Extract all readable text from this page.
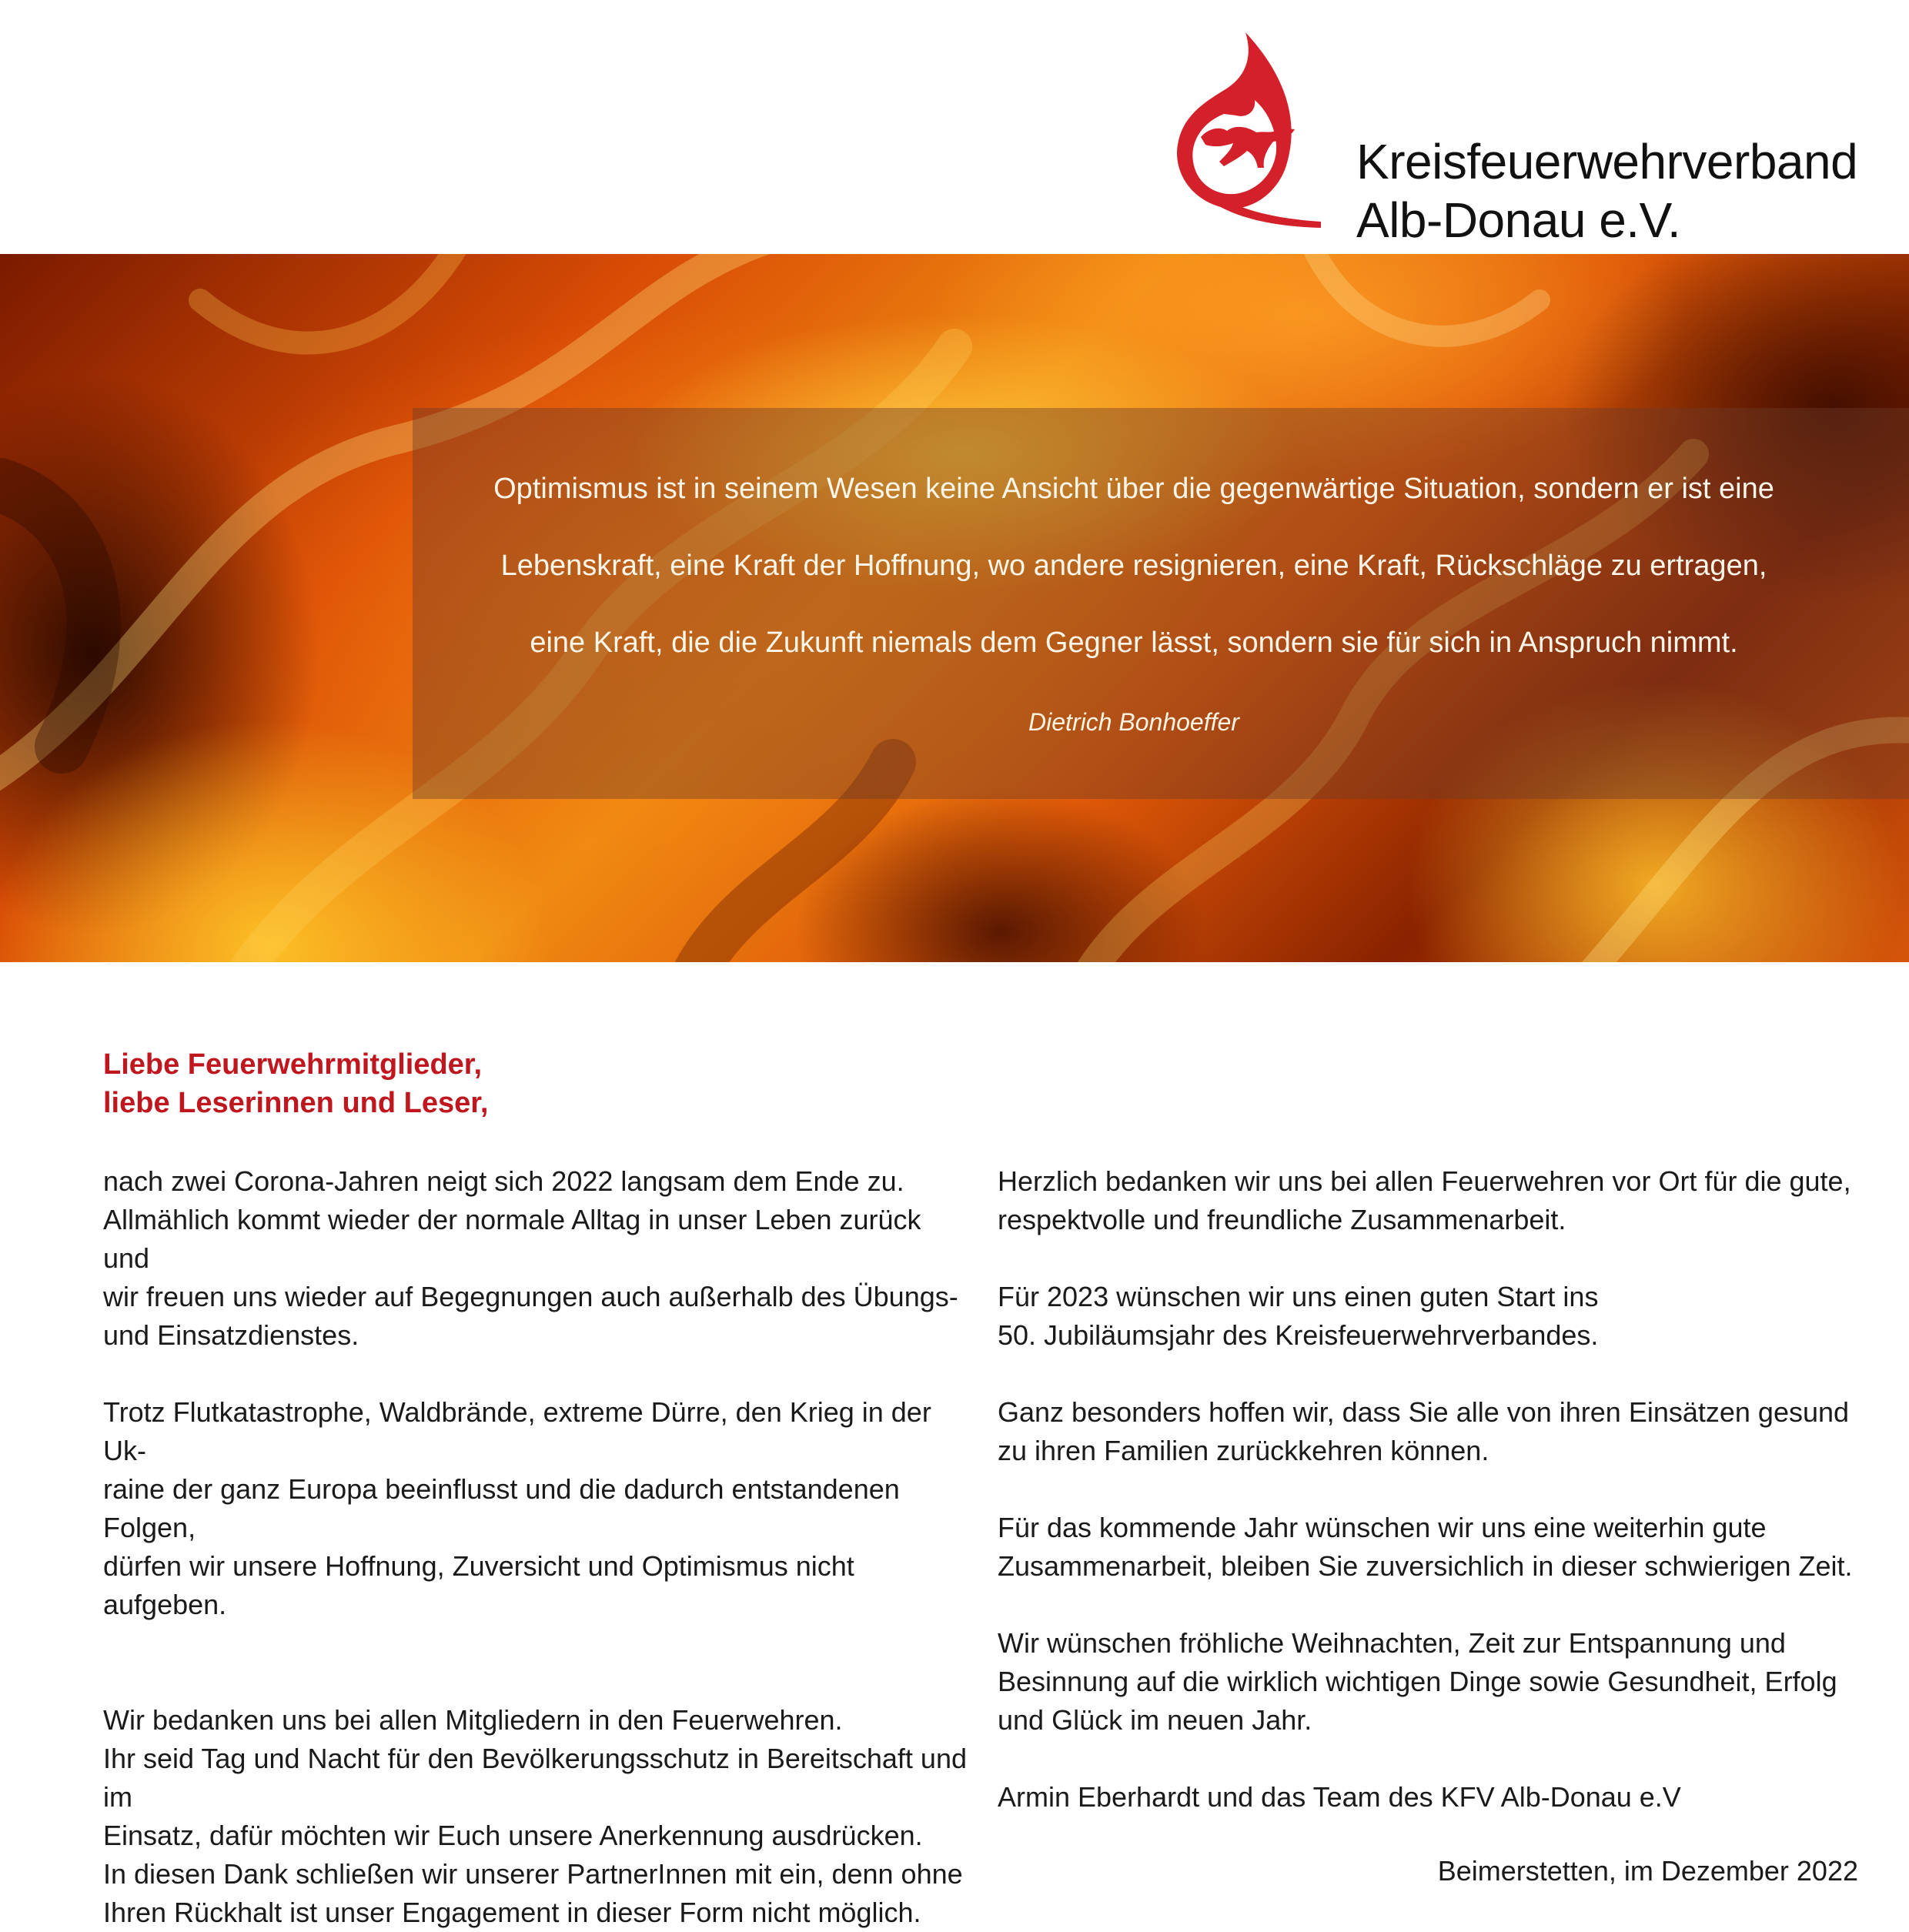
Kreisfeuerwehrverband
Alb-Donau e.V.
Optimismus ist in seinem Wesen keine Ansicht über die gegenwärtige Situation, sondern er ist eine
Lebenskraft, eine Kraft der Hoffnung, wo andere resignieren, eine Kraft, Rückschläge zu ertragen,
eine Kraft, die die Zukunft niemals dem Gegner lässt, sondern sie für sich in Anspruch nimmt.
Dietrich Bonhoeffer
Liebe Feuerwehrmitglieder,
liebe Leserinnen und Leser,

nach zwei Corona-Jahren neigt sich 2022 langsam dem Ende zu.
Allmählich kommt wieder der normale Alltag in unser Leben zurück und
wir freuen uns wieder auf Begegnungen auch außerhalb des Übungs-
und Einsatzdienstes.

Trotz Flutkatastrophe, Waldbrände, extreme Dürre, den Krieg in der Uk-
raine der ganz Europa beeinflusst und die dadurch entstandenen Folgen,
dürfen wir unsere Hoffnung, Zuversicht und Optimismus nicht aufgeben.

Wir bedanken uns bei allen Mitgliedern in den Feuerwehren.
Ihr seid Tag und Nacht für den Bevölkerungsschutz in Bereitschaft und im
Einsatz, dafür möchten wir Euch unsere Anerkennung ausdrücken.
In diesen Dank schließen wir unserer PartnerInnen mit ein, denn ohne
Ihren Rückhalt ist unser Engagement in dieser Form nicht möglich.

Herzlich bedanken wir uns bei allen Feuerwehren vor Ort für die gute,
respektvolle und freundliche Zusammenarbeit.

Für 2023 wünschen wir uns einen guten Start ins
50. Jubiläumsjahr des Kreisfeuerwehrverbandes.

Ganz besonders hoffen wir, dass Sie alle von ihren Einsätzen gesund
zu ihren Familien zurückkehren können.

Für das kommende Jahr wünschen wir uns eine weiterhin gute
Zusammenarbeit, bleiben Sie zuversichlich in dieser schwierigen Zeit.

Wir wünschen fröhliche Weihnachten, Zeit zur Entspannung und
Besinnung auf die wirklich wichtigen Dinge sowie Gesundheit, Erfolg
und Glück im neuen Jahr.

Armin Eberhardt und das Team des KFV Alb-Donau e.V

Beimerstetten, im Dezember 2022
